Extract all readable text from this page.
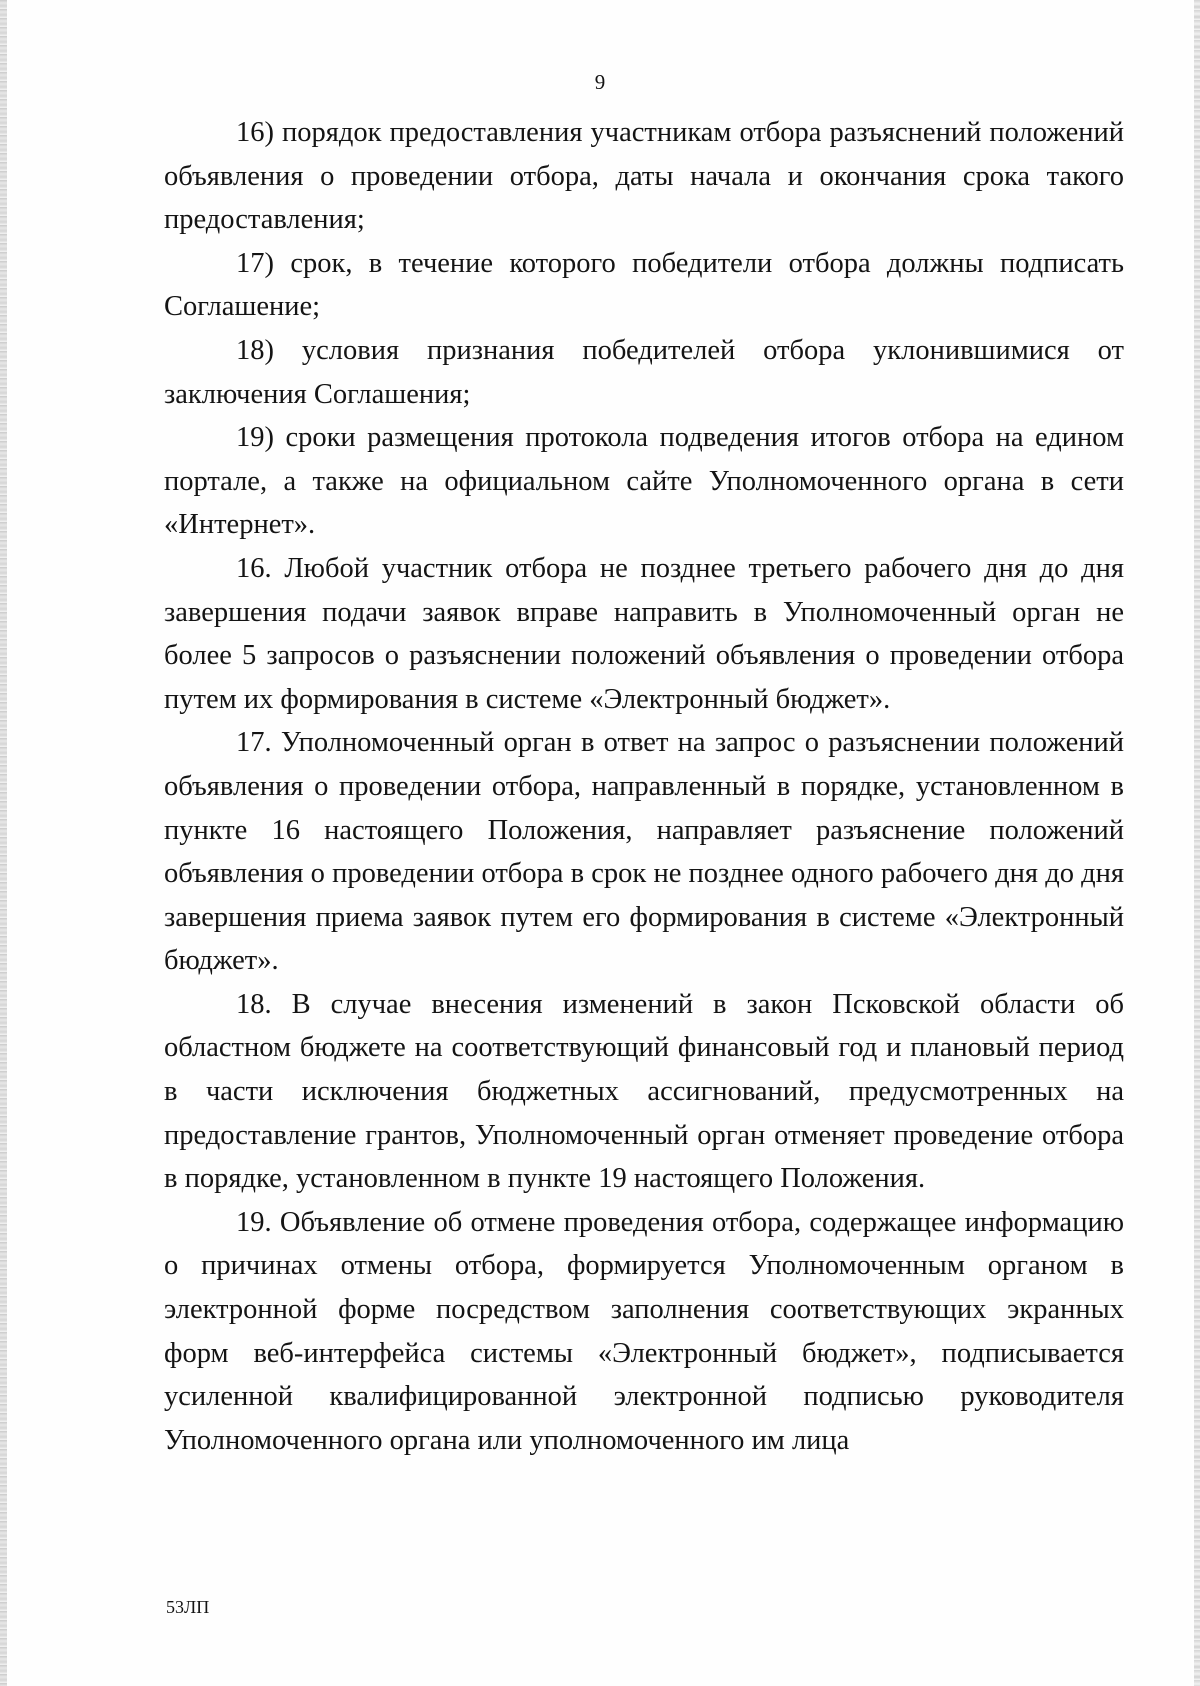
9

16) порядок предоставления участникам отбора разъяснений положений объявления о проведении отбора, даты начала и окончания срока такого предоставления;

17) срок, в течение которого победители отбора должны подписать Соглашение;

18) условия признания победителей отбора уклонившимися от заключения Соглашения;

19) сроки размещения протокола подведения итогов отбора на едином портале, а также на официальном сайте Уполномоченного органа в сети «Интернет».

16. Любой участник отбора не позднее третьего рабочего дня до дня завершения подачи заявок вправе направить в Уполномоченный орган не более 5 запросов о разъяснении положений объявления о проведении отбора путем их формирования в системе «Электронный бюджет».

17. Уполномоченный орган в ответ на запрос о разъяснении положений объявления о проведении отбора, направленный в порядке, установленном в пункте 16 настоящего Положения, направляет разъяснение положений объявления о проведении отбора в срок не позднее одного рабочего дня до дня завершения приема заявок путем его формирования в системе «Электронный бюджет».

18. В случае внесения изменений в закон Псковской области об областном бюджете на соответствующий финансовый год и плановый период в части исключения бюджетных ассигнований, предусмотренных на предоставление грантов, Уполномоченный орган отменяет проведение отбора в порядке, установленном в пункте 19 настоящего Положения.

19. Объявление об отмене проведения отбора, содержащее информацию о причинах отмены отбора, формируется Уполномоченным органом в электронной форме посредством заполнения соответствующих экранных форм веб-интерфейса системы «Электронный бюджет», подписывается усиленной квалифицированной электронной подписью руководителя Уполномоченного органа или уполномоченного им лица

53ЛП
